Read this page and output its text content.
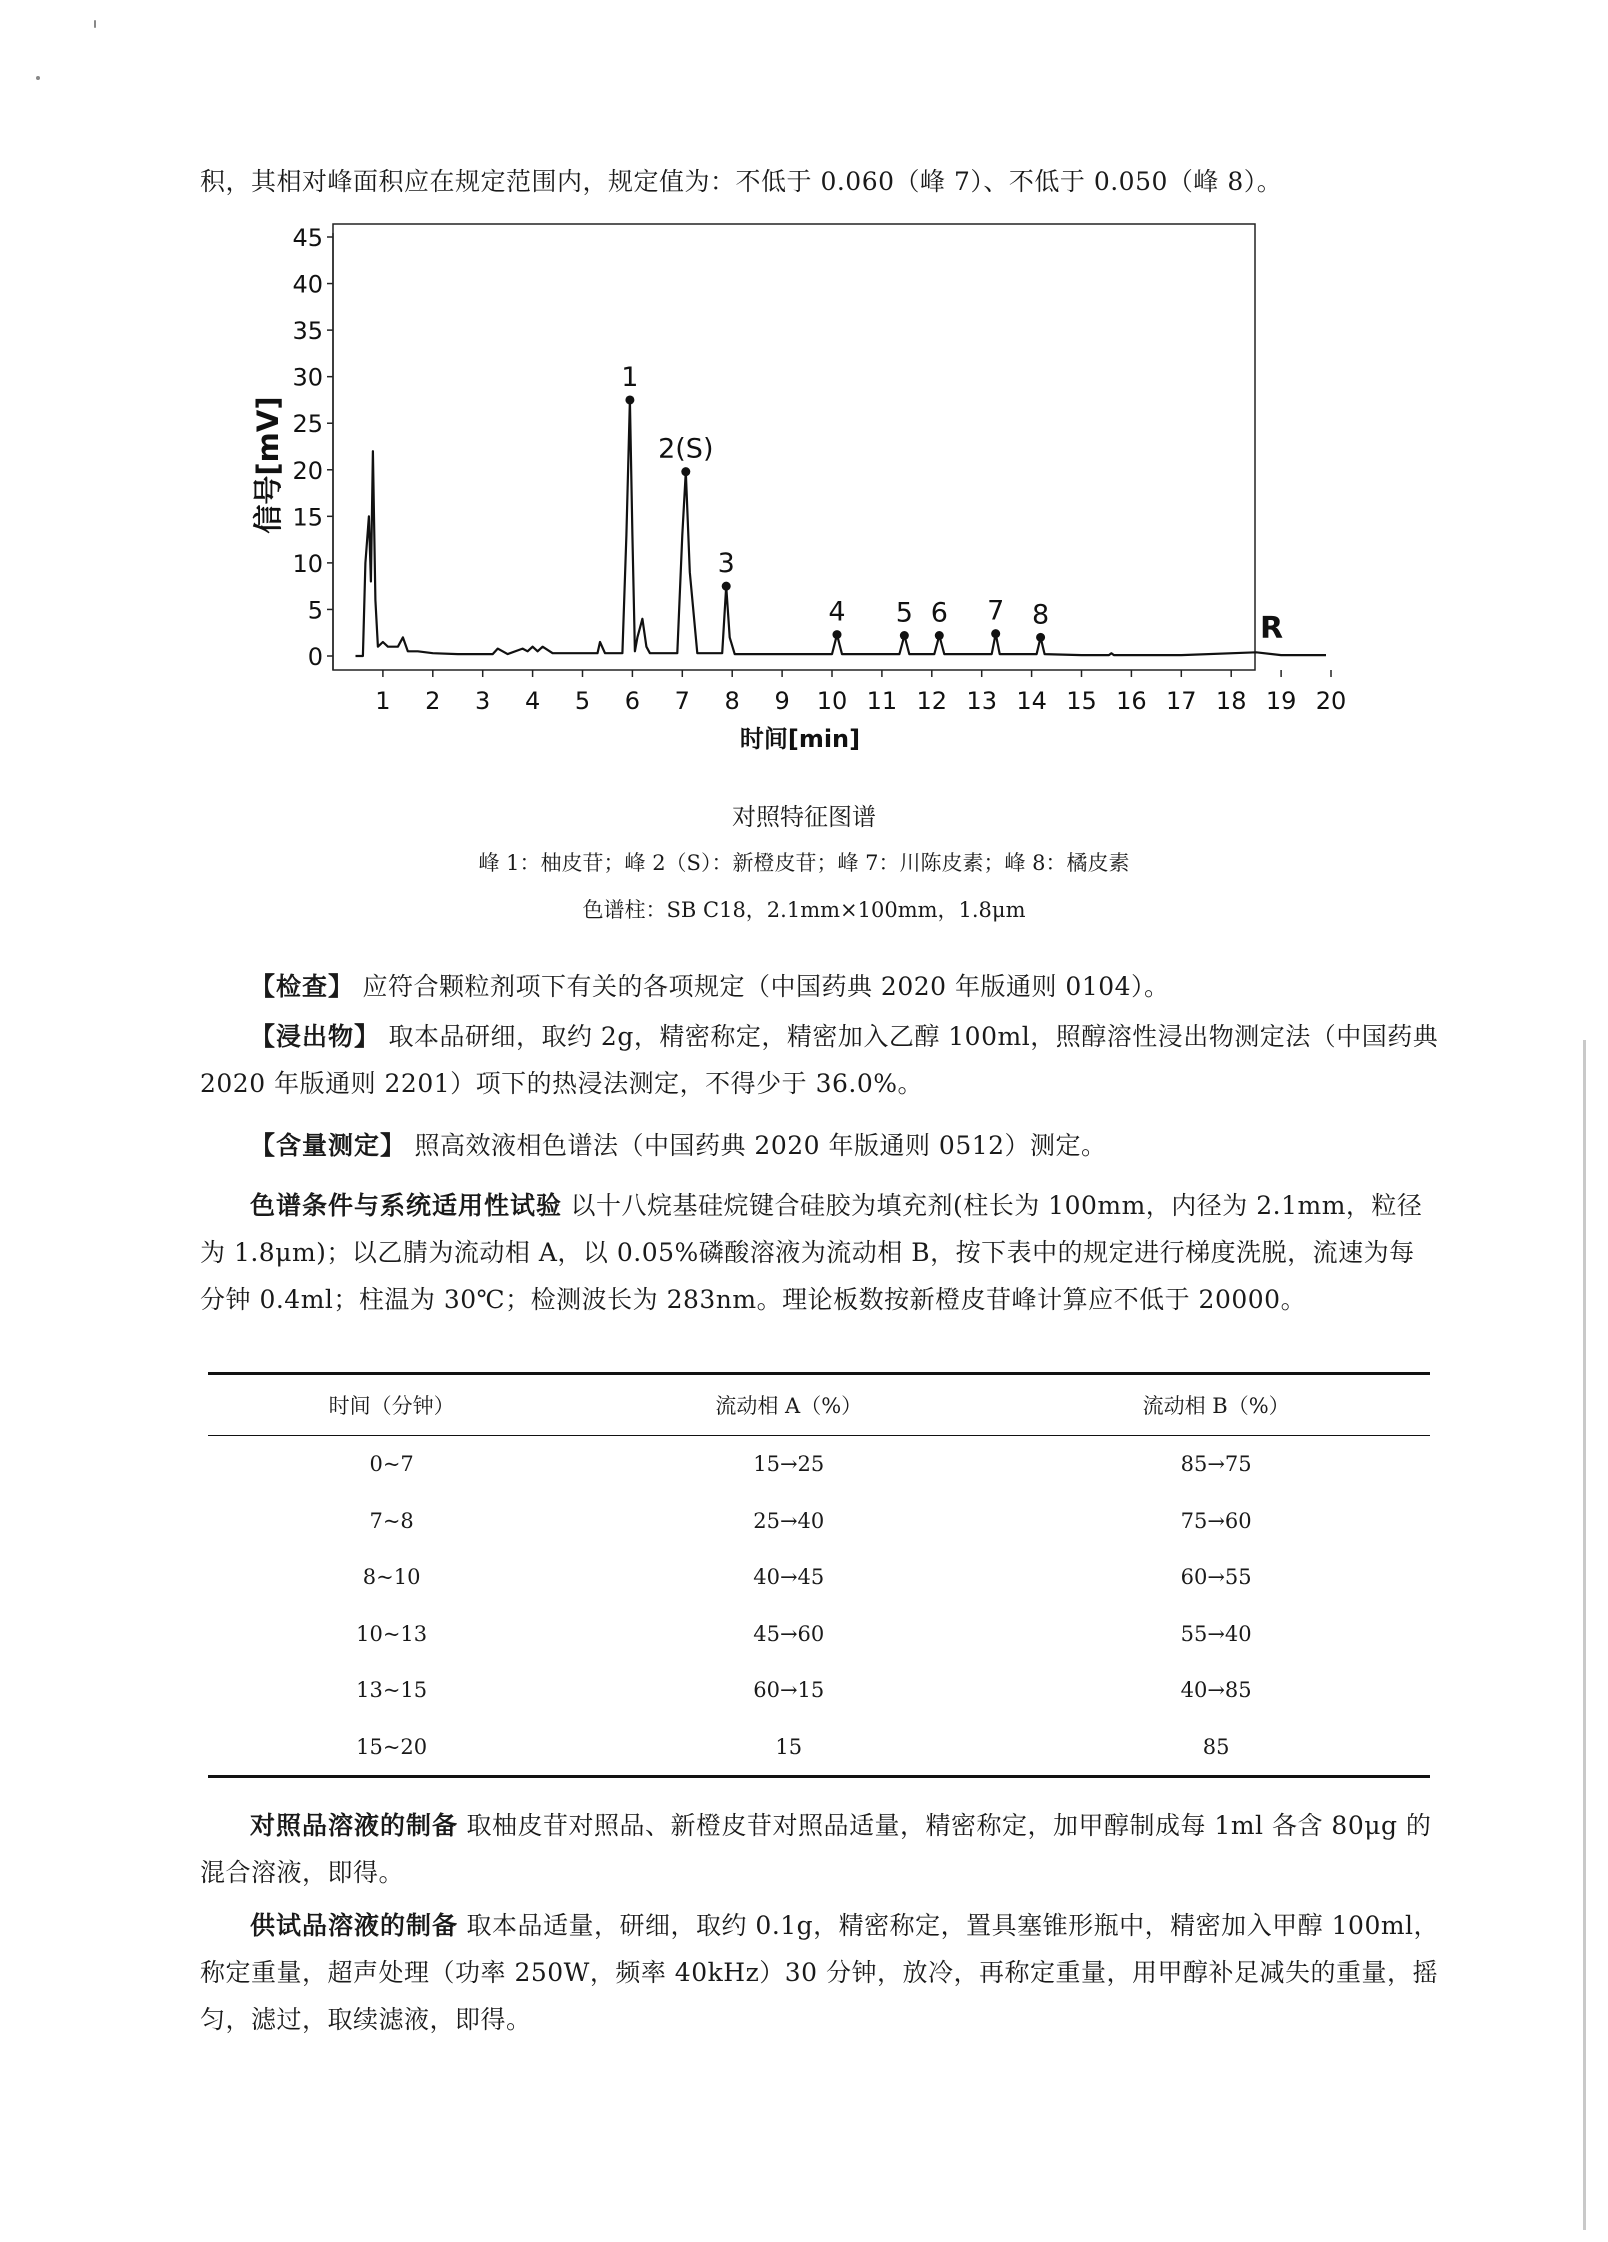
积，其相对峰面积应在规定范围内，规定值为：不低于 0.060（峰 7）、不低于 0.050（峰 8）。

0
5
10
15
20
25
30
35
40
45
1 2 3 4 5 6 7 8 9 10 11 12 13 14 15 16 17 18 19 20
1
2(S)
3
4 5 6 7 8
信号[mV]
时间[min]
R
对照特征图谱
峰 1：柚皮苷；峰 2（S）：新橙皮苷；峰 7：川陈皮素；峰 8：橘皮素
色谱柱：SB C18，2.1mm×100mm，1.8μm

【检查】 应符合颗粒剂项下有关的各项规定（中国药典 2020 年版通则 0104）。

【浸出物】 取本品研细，取约 2g，精密称定，精密加入乙醇 100ml，照醇溶性浸出物测定法（中国药典 2020 年版通则 2201）项下的热浸法测定，不得少于 36.0%。

【含量测定】 照高效液相色谱法（中国药典 2020 年版通则 0512）测定。

色谱条件与系统适用性试验 以十八烷基硅烷键合硅胶为填充剂(柱长为 100mm，内径为 2.1mm，粒径为 1.8μm)；以乙腈为流动相 A，以 0.05%磷酸溶液为流动相 B，按下表中的规定进行梯度洗脱，流速为每分钟 0.4ml；柱温为 30℃；检测波长为 283nm。理论板数按新橙皮苷峰计算应不低于 20000。

时间（分钟）	流动相 A（%）	流动相 B（%）
0~7	15→25	85→75
7~8	25→40	75→60
8~10	40→45	60→55
10~13	45→60	55→40
13~15	60→15	40→85
15~20	15	85

对照品溶液的制备 取柚皮苷对照品、新橙皮苷对照品适量，精密称定，加甲醇制成每 1ml 各含 80μg 的混合溶液，即得。

供试品溶液的制备 取本品适量，研细，取约 0.1g，精密称定，置具塞锥形瓶中，精密加入甲醇 100ml，称定重量，超声处理（功率 250W，频率 40kHz）30 分钟，放冷，再称定重量，用甲醇补足减失的重量，摇匀，滤过，取续滤液，即得。
